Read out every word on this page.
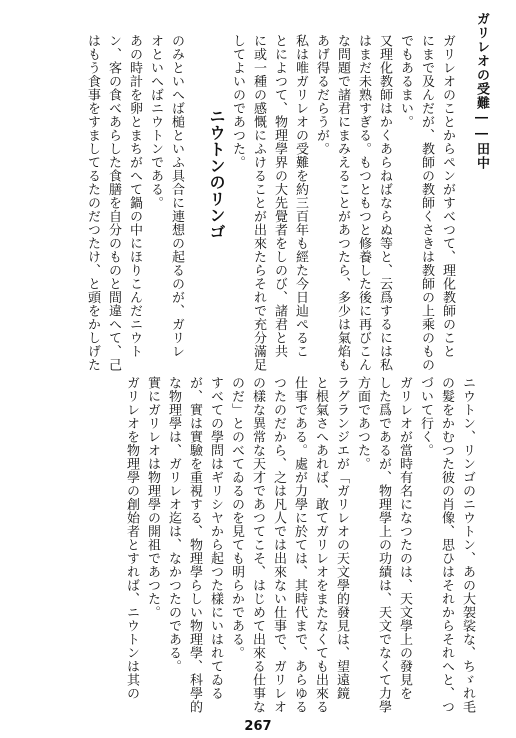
ガリレオの受難――田中
ガリレオのことからペンがすべつて、理化教師のこと
にまで及んだが、教師の教師くさきは教師の上乘のもの
でもあるまい。
又理化教師はかくあらねばならぬ等と、云爲するには私
はまだ未熟すぎる。もつともつと修養した後に再びこん
な問題で諸君にまみえることがあつたら、多少は氣焰も
あげ得るだらうが。
私は唯ガリレオの受難を約三百年も經た今日辿ぺるこ
とによつて、物理學界の大先覺者をしのび、諸君と共
に或一種の感慨にふけることが出來たらそれで充分滿足
してよいのであつた。
ニウトンのリンゴ
のみといへば槌といふ具合に連想の起るのが、ガリレ
オといへばニウトンである。
あの時計を卵とまちがへて鍋の中にほりこんだニウト
ン、客の食べあらした食膳を自分のものと間違へて、己
はもう食事をすましてるたのだつたけ、と頭をかしげた
ニウトン、リンゴのニウトン、あの大袈裟な、ちゞれ毛
の髮をかむつた彼の肖像、思ひはそれからそれへと、つ
づいて行く。
ガリレオが當時有名になつたのは、天文學上の發見を
した爲であるが、物理學上の功績は、天文でなくて力學
方面であつた。
ラグランジエが「ガリレオの天文學的發見は、望遠鏡
と根氣さへあれば、敢てガリレオをまたなくても出來る
仕事である。處が力學に於ては、其時代まで、あらゆる
つたのだから、之は凡人では出來ない仕事で、ガリレオ
の樣な異常な天才であつてこそ、はじめて出來る仕事な
のだ」とのべてゐるのを見ても明らかである。
すべての學問はギリシヤから起つた樣にいはれてゐる
が、實は實驗を重視する、物理學らしい物理學、科學的
な物理學は、ガリレオ迄は、なかつたのである。
實にガリレオは物理學の開祖であつた。
ガリレオを物理學の創始者とすれば、ニウトンは其の
267
